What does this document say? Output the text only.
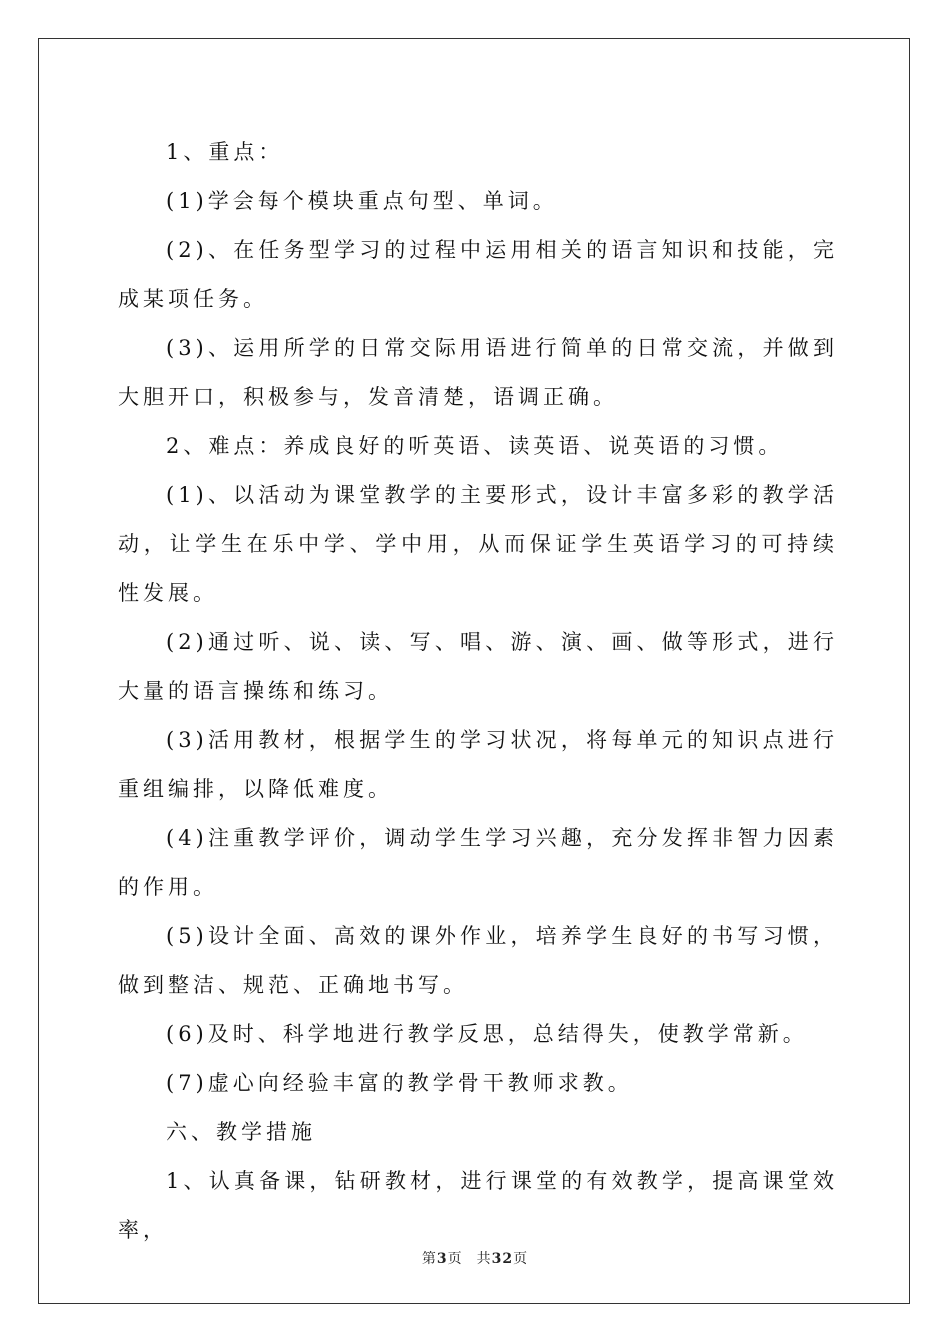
1、重点：

(1)学会每个模块重点句型、单词。

(2)、在任务型学习的过程中运用相关的语言知识和技能，完成某项任务。

(3)、运用所学的日常交际用语进行简单的日常交流，并做到大胆开口，积极参与，发音清楚，语调正确。

2、难点：养成良好的听英语、读英语、说英语的习惯。

(1)、以活动为课堂教学的主要形式，设计丰富多彩的教学活动，让学生在乐中学、学中用，从而保证学生英语学习的可持续性发展。

(2)通过听、说、读、写、唱、游、演、画、做等形式，进行大量的语言操练和练习。

(3)活用教材，根据学生的学习状况，将每单元的知识点进行重组编排，以降低难度。

(4)注重教学评价，调动学生学习兴趣，充分发挥非智力因素的作用。

(5)设计全面、高效的课外作业，培养学生良好的书写习惯，做到整洁、规范、正确地书写。

(6)及时、科学地进行教学反思，总结得失，使教学常新。

(7)虚心向经验丰富的教学骨干教师求教。

六、教学措施

1、认真备课，钻研教材，进行课堂的有效教学，提高课堂效率，

第3页 共32页
